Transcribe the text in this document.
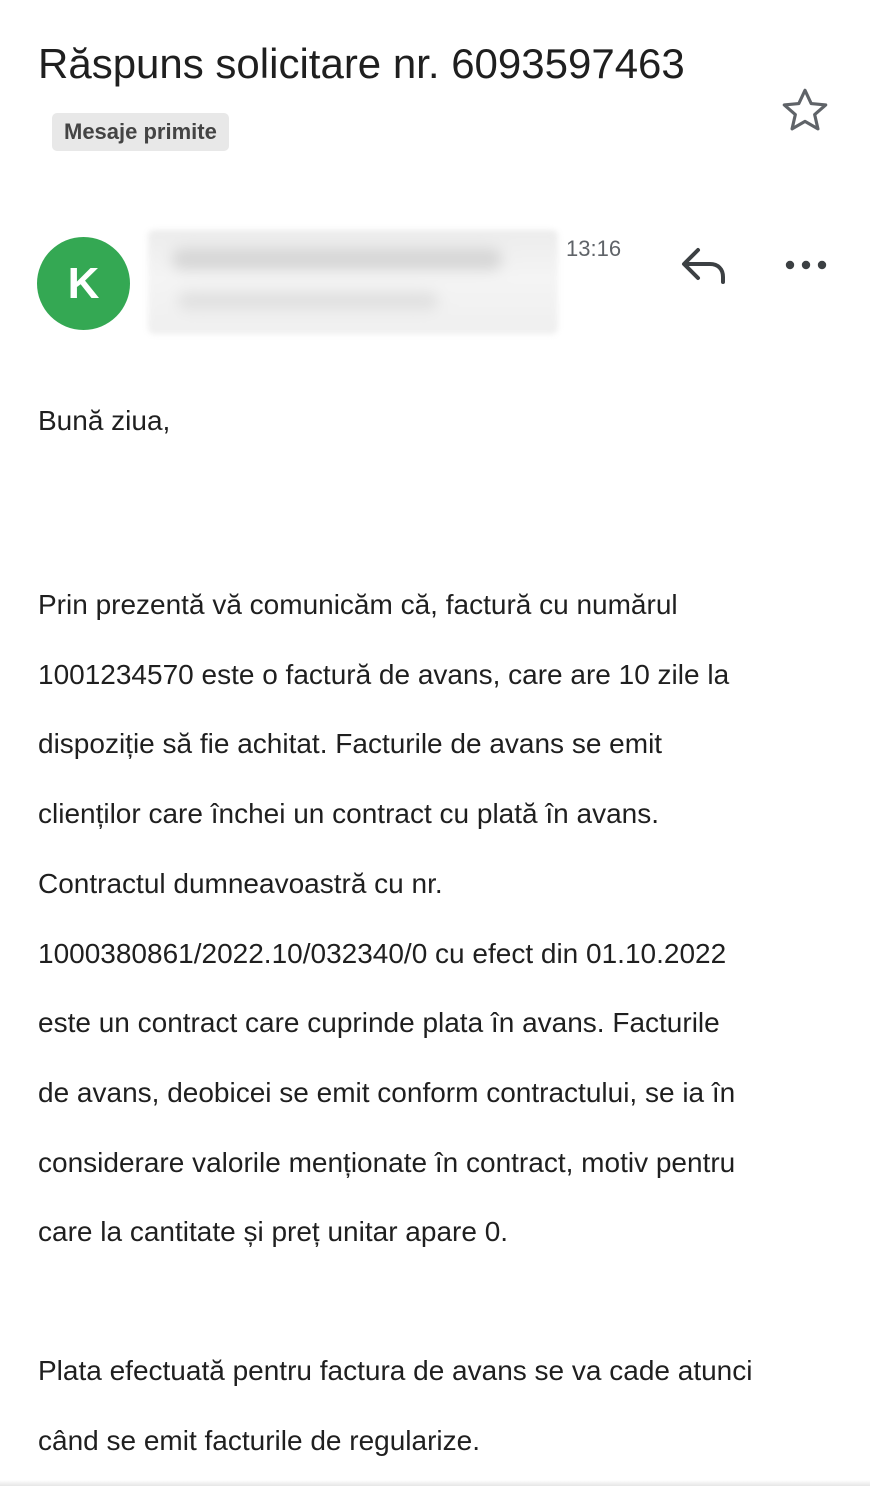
Răspuns solicitare nr. 6093597463Mesaje primite
K
13:16

Bună ziua,

Prin prezentă vă comunicăm că, factură cu numărul
1001234570 este o factură de avans, care are 10 zile la
dispoziție să fie achitat. Facturile de avans se emit
clienților care închei un contract cu plată în avans.
Contractul dumneavoastră cu nr.
1000380861/2022.10/032340/0 cu efect din 01.10.2022
este un contract care cuprinde plata în avans. Facturile
de avans, deobicei se emit conform contractului, se ia în
considerare valorile menționate în contract, motiv pentru
care la cantitate și preț unitar apare 0.

Plata efectuată pentru factura de avans se va cade atunci
când se emit facturile de regularize.
